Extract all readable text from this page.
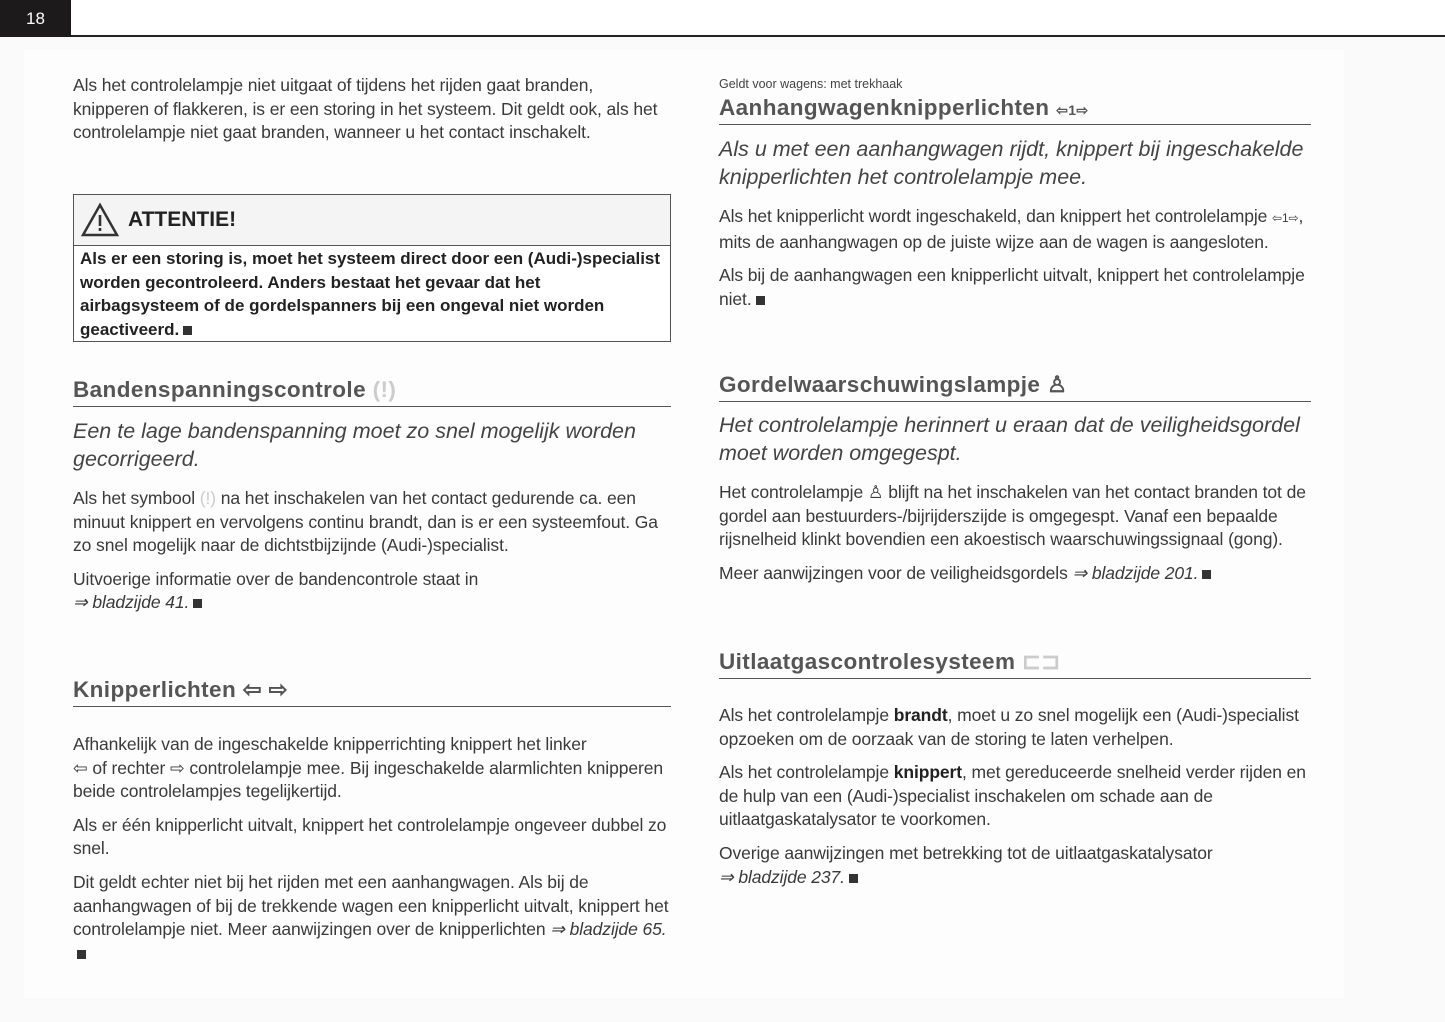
18
Als het controlelampje niet uitgaat of tijdens het rijden gaat branden, knipperen of flakkeren, is er een storing in het systeem. Dit geldt ook, als het controlelampje niet gaat branden, wanneer u het contact inschakelt.
ATTENTIE!
Als er een storing is, moet het systeem direct door een (Audi-)specialist worden gecontroleerd. Anders bestaat het gevaar dat het airbagsysteem of de gordelspanners bij een ongeval niet worden geactiveerd.
Bandenspanningscontrole (!)
Een te lage bandenspanning moet zo snel mogelijk worden gecorrigeerd.

Als het symbool (!) na het inschakelen van het contact gedurende ca. een minuut knippert en vervolgens continu brandt, dan is er een systeemfout. Ga zo snel mogelijk naar de dichtstbijzijnde (Audi-)specialist.

Uitvoerige informatie over de bandencontrole staat in
⇒ bladzijde 41.

Knipperlichten ⇦ ⇨

Afhankelijk van de ingeschakelde knipperrichting knippert het linker
⇦ of rechter ⇨ controlelampje mee. Bij ingeschakelde alarmlichten knipperen beide controlelampjes tegelijkertijd.

Als er één knipperlicht uitvalt, knippert het controlelampje ongeveer dubbel zo snel.

Dit geldt echter niet bij het rijden met een aanhangwagen. Als bij de aanhangwagen of bij de trekkende wagen een knipperlicht uitvalt, knippert het controlelampje niet. Meer aanwijzingen over de knipperlichten ⇒ bladzijde 65.

Geldt voor wagens: met trekhaak
Aanhangwagenknipperlichten ⇦1⇨
Als u met een aanhangwagen rijdt, knippert bij ingeschakelde knipperlichten het controlelampje mee.

Als het knipperlicht wordt ingeschakeld, dan knippert het controlelampje ⇦1⇨, mits de aanhangwagen op de juiste wijze aan de wagen is aangesloten.

Als bij de aanhangwagen een knipperlicht uitvalt, knippert het controlelampje niet.

Gordelwaarschuwingslampje ♙
Het controlelampje herinnert u eraan dat de veiligheidsgordel moet worden omgegespt.

Het controlelampje ♙ blijft na het inschakelen van het contact branden tot de gordel aan bestuurders-/bijrijderszijde is omgegespt. Vanaf een bepaalde rijsnelheid klinkt bovendien een akoestisch waarschuwingssignaal (gong).

Meer aanwijzingen voor de veiligheidsgordels ⇒ bladzijde 201.

Uitlaatgascontrolesysteem ⊏⊐

Als het controlelampje brandt, moet u zo snel mogelijk een (Audi-)specialist opzoeken om de oorzaak van de storing te laten verhelpen.

Als het controlelampje knippert, met gereduceerde snelheid verder rijden en de hulp van een (Audi-)specialist inschakelen om schade aan de uitlaatgaskatalysator te voorkomen.

Overige aanwijzingen met betrekking tot de uitlaatgaskatalysator
⇒ bladzijde 237.
